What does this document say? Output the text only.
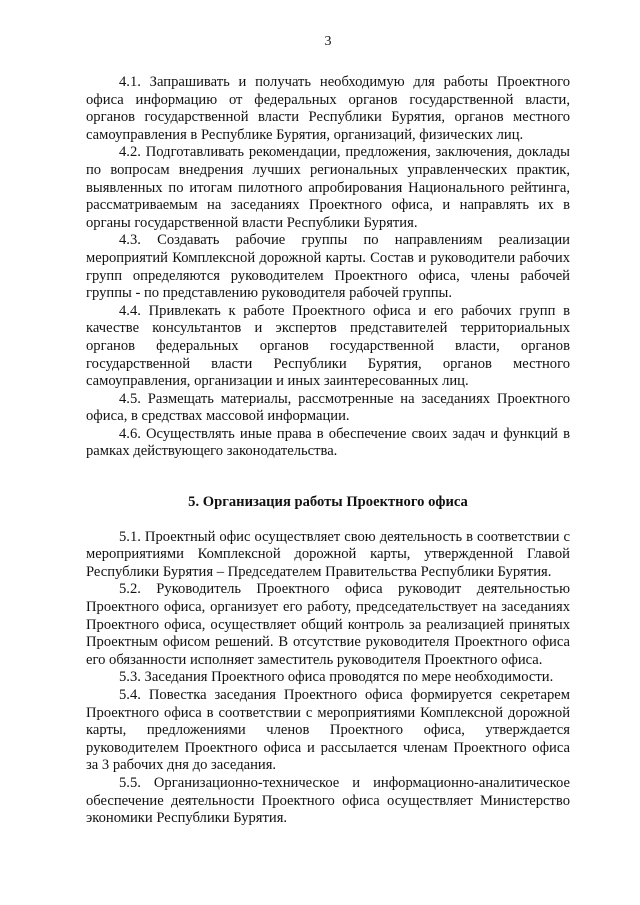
3

4.1. Запрашивать и получать необходимую для работы Проектного офиса информацию от федеральных органов государственной власти, органов государственной власти Республики Бурятия, органов местного самоуправления в Республике Бурятия, организаций, физических лиц.

4.2. Подготавливать рекомендации, предложения, заключения, доклады по вопросам внедрения лучших региональных управленческих практик, выявленных по итогам пилотного апробирования Национального рейтинга, рассматриваемым на заседаниях Проектного офиса, и направлять их в органы государственной власти Республики Бурятия.

4.3. Создавать рабочие группы по направлениям реализации мероприятий Комплексной дорожной карты. Состав и руководители рабочих групп определяются руководителем Проектного офиса, члены рабочей группы - по представлению руководителя рабочей группы.

4.4. Привлекать к работе Проектного офиса и его рабочих групп в качестве консультантов и экспертов представителей территориальных органов федеральных органов государственной власти, органов государственной власти Республики Бурятия, органов местного самоуправления, организации и иных заинтересованных лиц.

4.5. Размещать материалы, рассмотренные на заседаниях Проектного офиса, в средствах массовой информации.

4.6. Осуществлять иные права в обеспечение своих задач и функций в рамках действующего законодательства.

5. Организация работы Проектного офиса

5.1. Проектный офис осуществляет свою деятельность в соответствии с мероприятиями Комплексной дорожной карты, утвержденной Главой Республики Бурятия – Председателем Правительства Республики Бурятия.

5.2. Руководитель Проектного офиса руководит деятельностью Проектного офиса, организует его работу, председательствует на заседаниях Проектного офиса, осуществляет общий контроль за реализацией принятых Проектным офисом решений. В отсутствие руководителя Проектного офиса его обязанности исполняет заместитель руководителя Проектного офиса.

5.3. Заседания Проектного офиса проводятся по мере необходимости.

5.4. Повестка заседания Проектного офиса формируется секретарем Проектного офиса в соответствии с мероприятиями Комплексной дорожной карты, предложениями членов Проектного офиса, утверждается руководителем Проектного офиса и рассылается членам Проектного офиса за 3 рабочих дня до заседания.

5.5. Организационно-техническое и информационно-аналитическое обеспечение деятельности Проектного офиса осуществляет Министерство экономики Республики Бурятия.
